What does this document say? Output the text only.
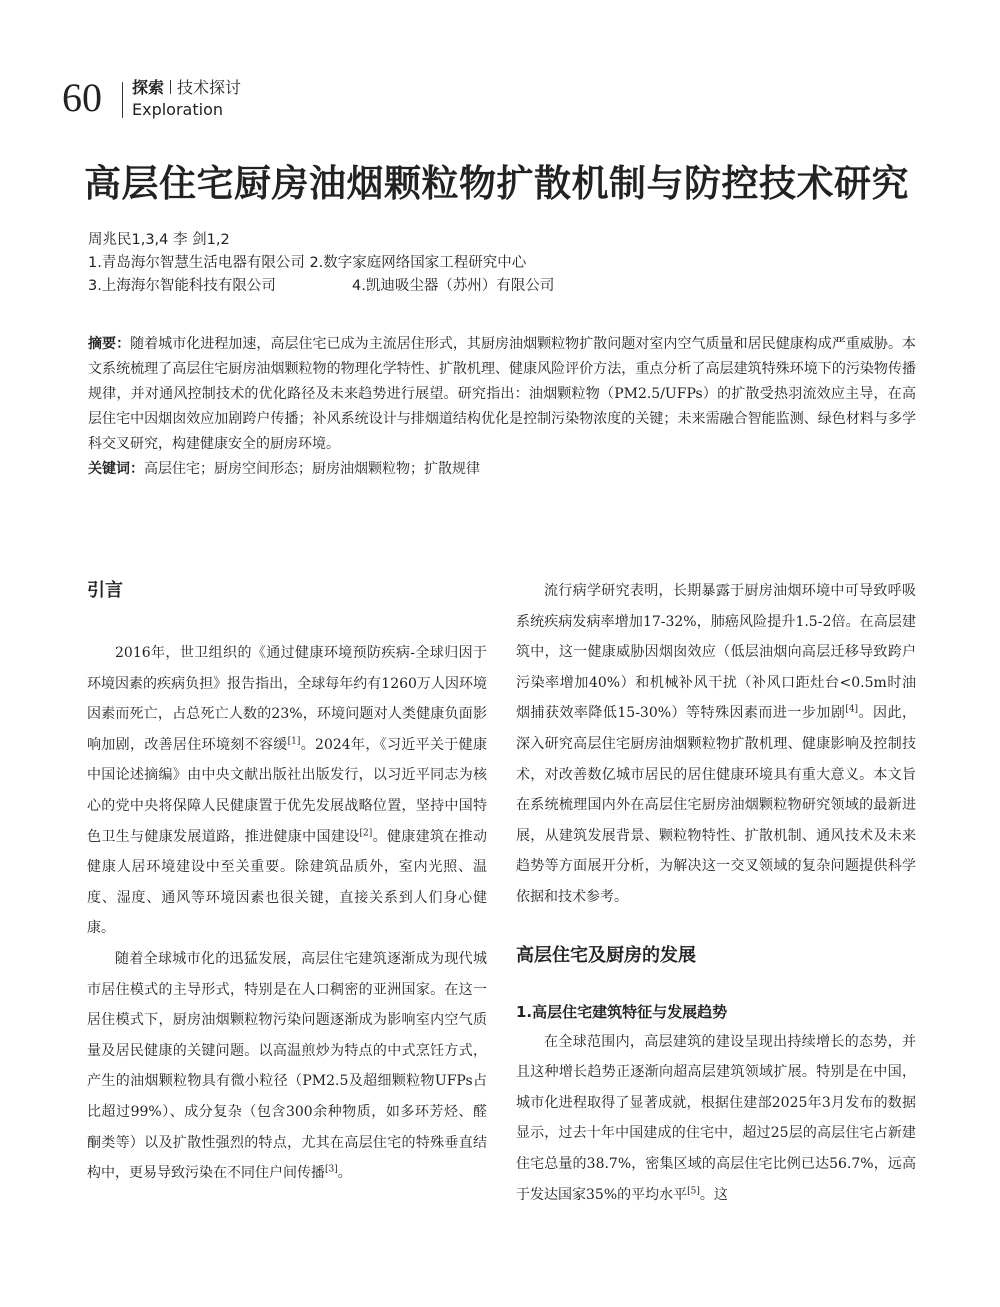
60 探索 技术探讨
Exploration
高层住宅厨房油烟颗粒物扩散机制与防控技术研究
周兆民1,3,4 李 剑1,2
1.青岛海尔智慧生活电器有限公司 2.数字家庭网络国家工程研究中心
3.上海海尔智能科技有限公司	4.凯迪吸尘器（苏州）有限公司

摘要：随着城市化进程加速，高层住宅已成为主流居住形式，其厨房油烟颗粒物扩散问题对室内空气质量和居民健康构成严重威胁。本文系统梳理了高层住宅厨房油烟颗粒物的物理化学特性、扩散机理、健康风险评价方法，重点分析了高层建筑特殊环境下的污染物传播规律，并对通风控制技术的优化路径及未来趋势进行展望。研究指出：油烟颗粒物（PM2.5/UFPs）的扩散受热羽流效应主导，在高层住宅中因烟囱效应加剧跨户传播；补风系统设计与排烟道结构优化是控制污染物浓度的关键；未来需融合智能监测、绿色材料与多学科交叉研究，构建健康安全的厨房环境。

关键词：高层住宅；厨房空间形态；厨房油烟颗粒物；扩散规律

引言

2016年，世卫组织的《通过健康环境预防疾病-全球归因于环境因素的疾病负担》报告指出，全球每年约有1260万人因环境因素而死亡，占总死亡人数的23%，环境问题对人类健康负面影响加剧，改善居住环境刻不容缓[1]。2024年，《习近平关于健康中国论述摘编》由中央文献出版社出版发行，以习近平同志为核心的党中央将保障人民健康置于优先发展战略位置，坚持中国特色卫生与健康发展道路，推进健康中国建设[2]。健康建筑在推动健康人居环境建设中至关重要。除建筑品质外，室内光照、温度、湿度、通风等环境因素也很关键，直接关系到人们身心健康。

随着全球城市化的迅猛发展，高层住宅建筑逐渐成为现代城市居住模式的主导形式，特别是在人口稠密的亚洲国家。在这一居住模式下，厨房油烟颗粒物污染问题逐渐成为影响室内空气质量及居民健康的关键问题。以高温煎炒为特点的中式烹饪方式，产生的油烟颗粒物具有微小粒径（PM2.5及超细颗粒物UFPs占比超过99%）、成分复杂（包含300余种物质，如多环芳烃、醛酮类等）以及扩散性强烈的特点，尤其在高层住宅的特殊垂直结构中，更易导致污染在不同住户间传播[3]。

流行病学研究表明，长期暴露于厨房油烟环境中可导致呼吸系统疾病发病率增加17-32%，肺癌风险提升1.5-2倍。在高层建筑中，这一健康威胁因烟囱效应（低层油烟向高层迁移导致跨户污染率增加40%）和机械补风干扰（补风口距灶台<0.5m时油烟捕获效率降低15-30%）等特殊因素而进一步加剧[4]。因此，深入研究高层住宅厨房油烟颗粒物扩散机理、健康影响及控制技术，对改善数亿城市居民的居住健康环境具有重大意义。本文旨在系统梳理国内外在高层住宅厨房油烟颗粒物研究领域的最新进展，从建筑发展背景、颗粒物特性、扩散机制、通风技术及未来趋势等方面展开分析，为解决这一交叉领域的复杂问题提供科学依据和技术参考。

高层住宅及厨房的发展
1.高层住宅建筑特征与发展趋势

在全球范围内，高层建筑的建设呈现出持续增长的态势，并且这种增长趋势正逐渐向超高层建筑领域扩展。特别是在中国，城市化进程取得了显著成就，根据住建部2025年3月发布的数据显示，过去十年中国建成的住宅中，超过25层的高层住宅占新建住宅总量的38.7%，密集区域的高层住宅比例已达56.7%，远高于发达国家35%的平均水平[5]。这
